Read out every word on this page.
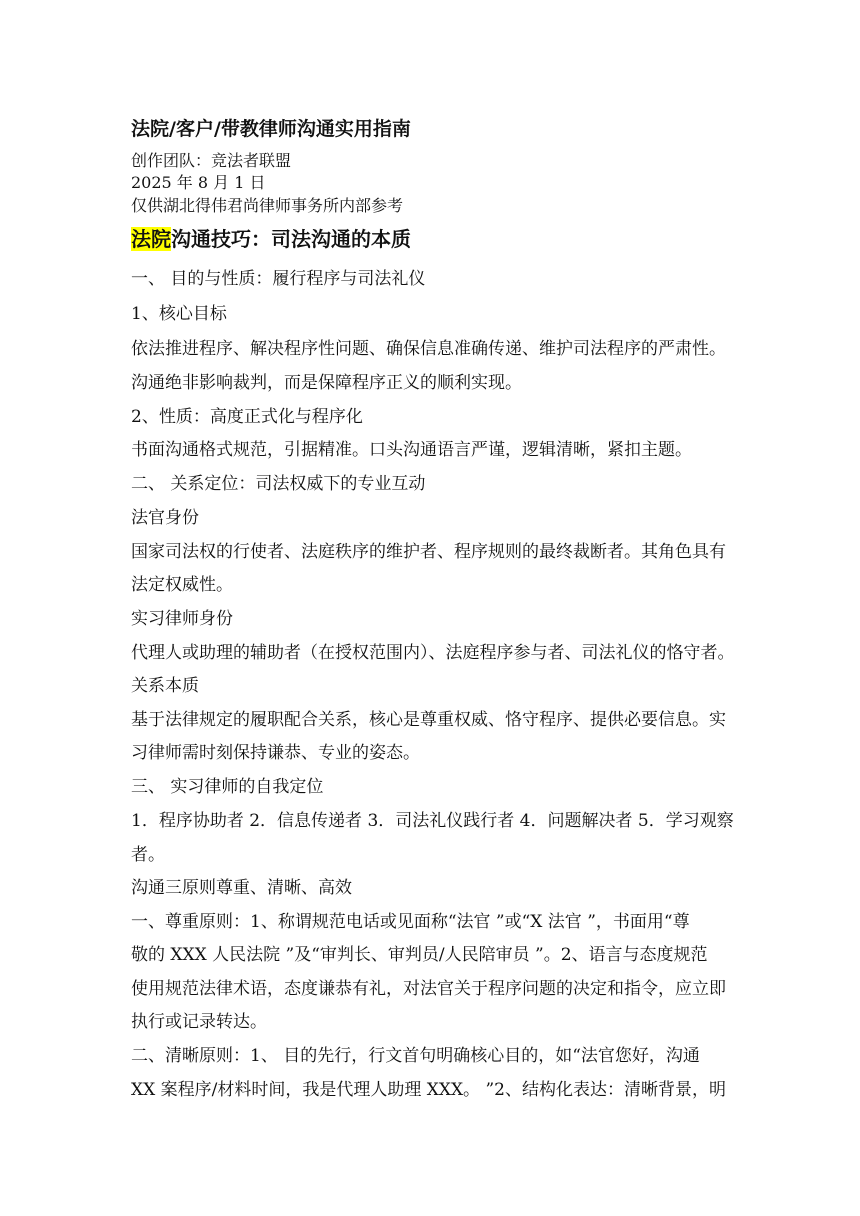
法院/客户/带教律师沟通实用指南
创作团队：竞法者联盟
2025 年 8 月 1 日
仅供湖北得伟君尚律师事务所内部参考
法院沟通技巧：司法沟通的本质
一、 目的与性质：履行程序与司法礼仪
1、核心目标
依法推进程序、解决程序性问题、确保信息准确传递、维护司法程序的严肃性。
沟通绝非影响裁判，而是保障程序正义的顺利实现。
2、性质：高度正式化与程序化
书面沟通格式规范，引据精准。口头沟通语言严谨，逻辑清晰，紧扣主题。
二、 关系定位：司法权威下的专业互动
法官身份
国家司法权的行使者、法庭秩序的维护者、程序规则的最终裁断者。其角色具有
法定权威性。
实习律师身份
代理人或助理的辅助者（在授权范围内）、法庭程序参与者、司法礼仪的恪守者。
关系本质
基于法律规定的履职配合关系，核心是尊重权威、恪守程序、提供必要信息。实
习律师需时刻保持谦恭、专业的姿态。
三、 实习律师的自我定位
1．程序协助者 2．信息传递者 3．司法礼仪践行者 4．问题解决者 5．学习观察
者。
沟通三原则尊重、清晰、高效
一、尊重原则：1、称谓规范电话或见面称“法官 ”或“X 法官 ”，书面用“尊
敬的 XXX 人民法院 ”及“审判长、审判员/人民陪审员 ”。2、语言与态度规范
使用规范法律术语，态度谦恭有礼，对法官关于程序问题的决定和指令，应立即
执行或记录转达。
二、清晰原则：1、 目的先行，行文首句明确核心目的，如“法官您好，沟通
XX 案程序/材料时间，我是代理人助理 XXX。 ”2、结构化表达：清晰背景，明
